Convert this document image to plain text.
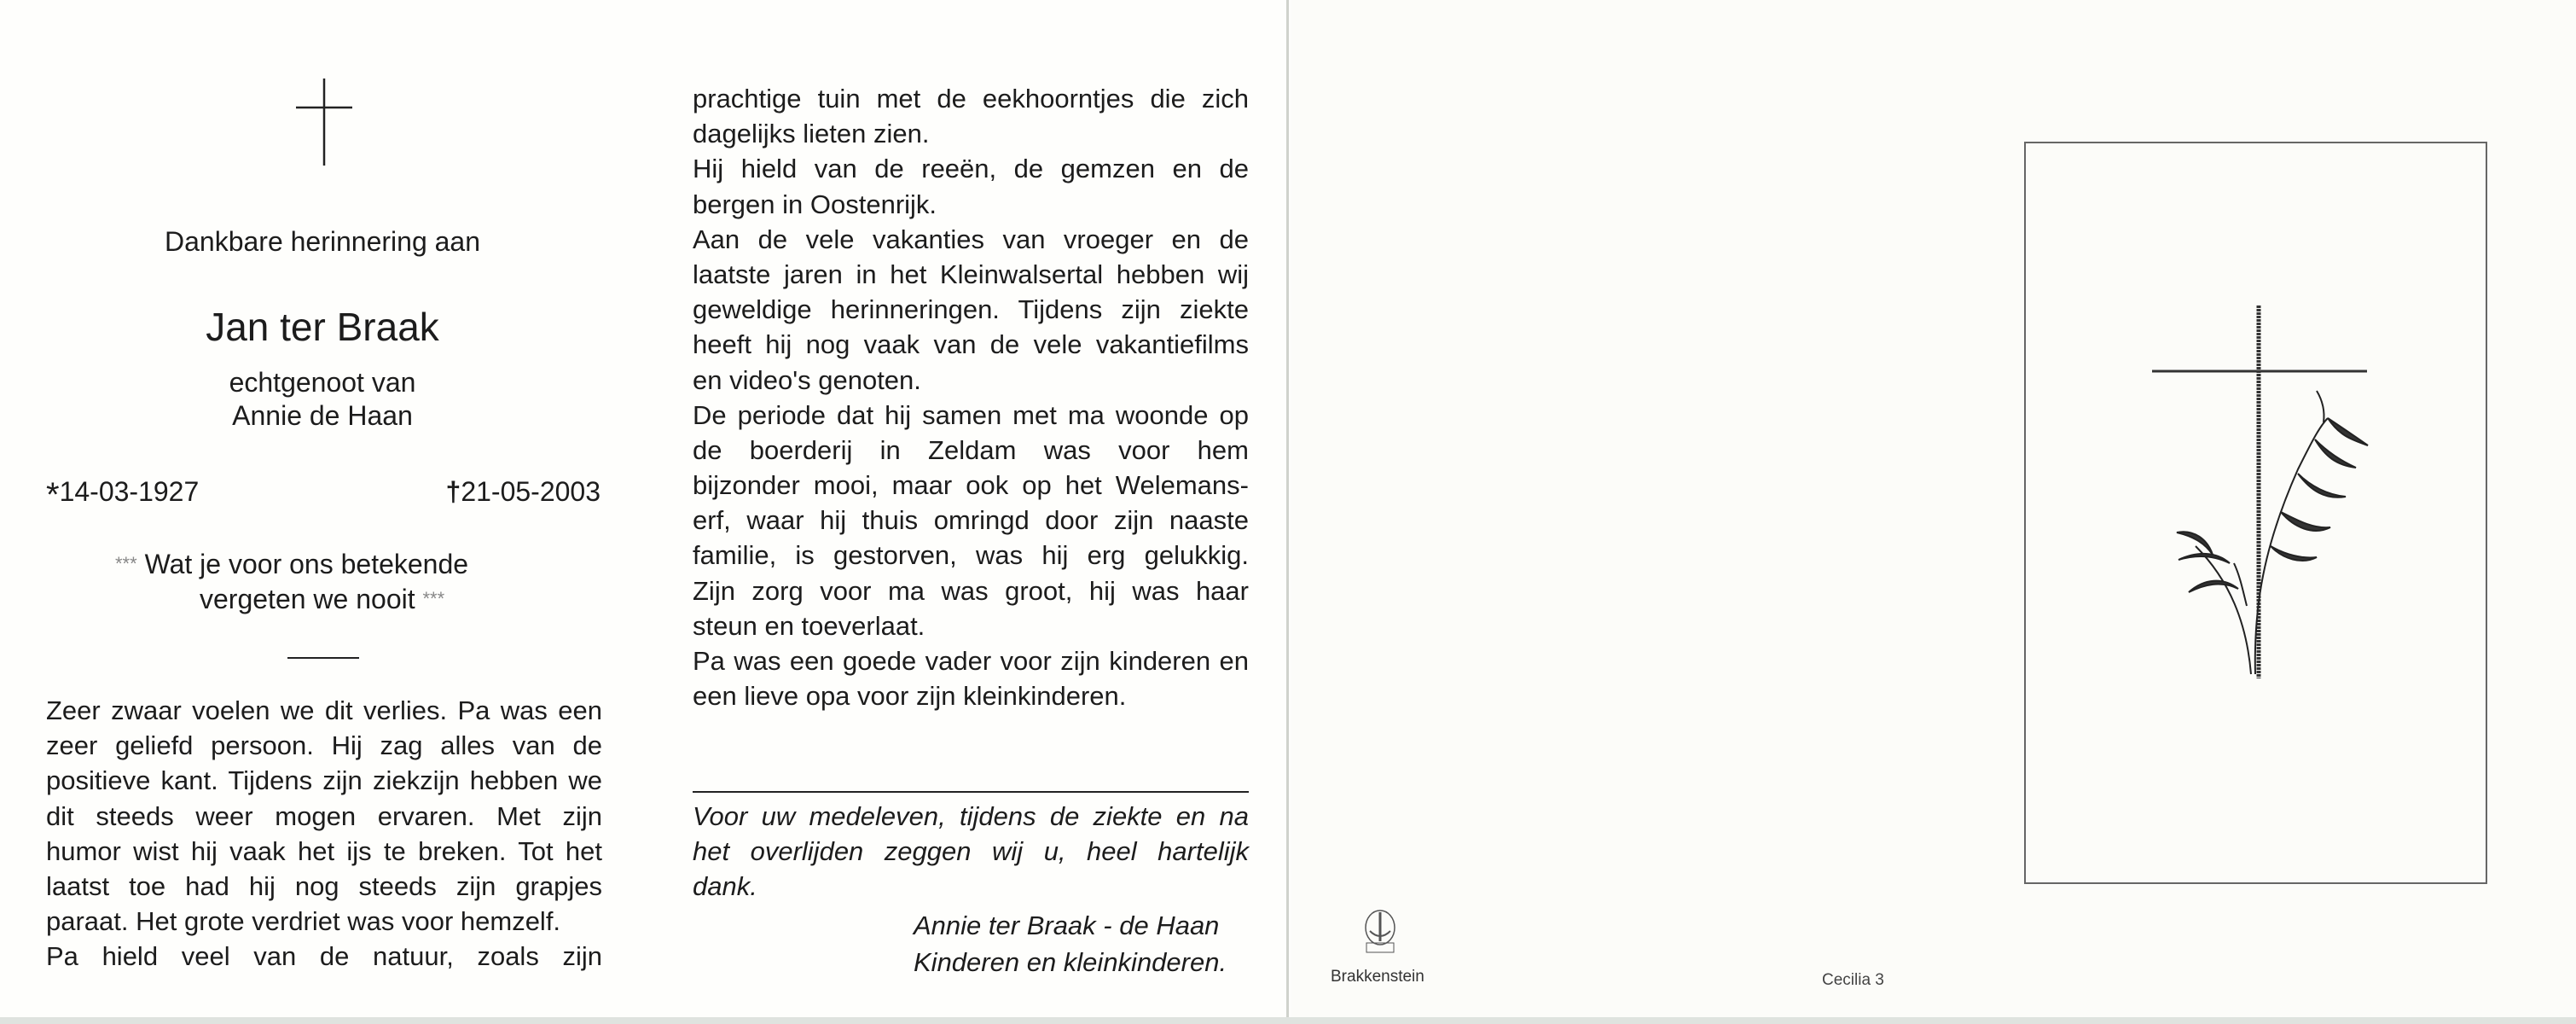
Dankbare herinnering aan
Jan ter Braak
echtgenoot van
Annie de Haan
*14-03-1927	†21-05-2003
*** Wat je voor ons betekende
vergeten we nooit ***
Zeer zwaar voelen we dit verlies. Pa was een
zeer geliefd persoon. Hij zag alles van de
positieve kant. Tijdens zijn ziekzijn hebben we
dit steeds weer mogen ervaren. Met zijn
humor wist hij vaak het ijs te breken. Tot het
laatst toe had hij nog steeds zijn grapjes
paraat. Het grote verdriet was voor hemzelf.
Pa hield veel van de natuur, zoals zijn
prachtige tuin met de eekhoorntjes die zich
dagelijks lieten zien.
Hij hield van de reeën, de gemzen en de
bergen in Oostenrijk.
Aan de vele vakanties van vroeger en de
laatste jaren in het Kleinwalsertal hebben wij
geweldige herinneringen. Tijdens zijn ziekte
heeft hij nog vaak van de vele vakantiefilms
en video's genoten.
De periode dat hij samen met ma woonde op
de boerderij in Zeldam was voor hem
bijzonder mooi, maar ook op het Welemans-
erf, waar hij thuis omringd door zijn naaste
familie, is gestorven, was hij erg gelukkig.
Zijn zorg voor ma was groot, hij was haar
steun en toeverlaat.
Pa was een goede vader voor zijn kinderen en
een lieve opa voor zijn kleinkinderen.
Voor uw medeleven, tijdens de ziekte en na
het overlijden zeggen wij u, heel hartelijk
dank.
Annie ter Braak - de Haan
Kinderen en kleinkinderen.	Brakkenstein	Cecilia 3
